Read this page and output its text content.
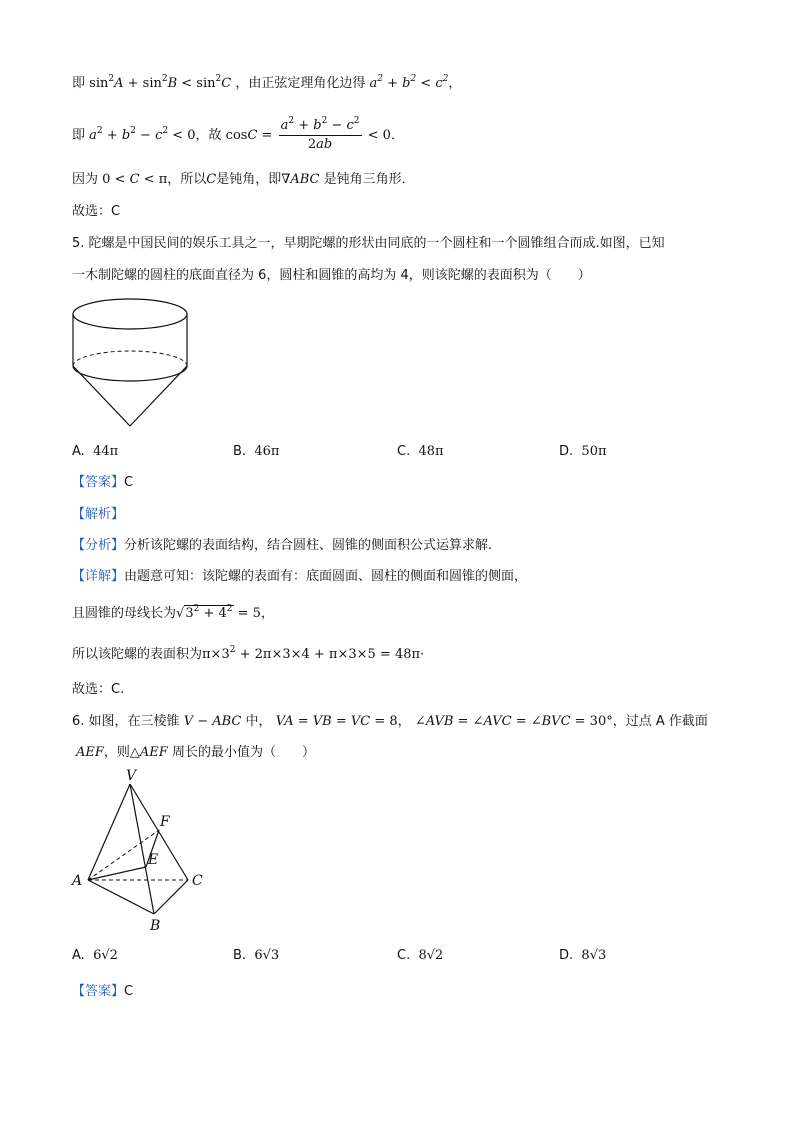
即 $\sin^2A + \sin^2B < \sin^2C$ ，由正弦定理角化边得 $a^2 + b^2 < c^2$，
即 $a^2 + b^2 - c^2 < 0$，故 $\cos C = \frac{a^2 + b^2 - c^2}{2ab} < 0$．
因为 0 < C < π，所以C是钝角，即∇ABC 是钝角三角形．
故选：C
5. 陀螺是中国民间的娱乐工具之一，早期陀螺的形状由同底的一个圆柱和一个圆锥组合而成.如图，已知
一木制陀螺的圆柱的底面直径为 6，圆柱和圆锥的高均为 4，则该陀螺的表面积为（　　）
A. 44π	B. 46π	C. 48π	D. 50π
【答案】C
【解析】
【分析】分析该陀螺的表面结构，结合圆柱、圆锥的侧面积公式运算求解.
【详解】由题意可知：该陀螺的表面有：底面圆面、圆柱的侧面和圆锥的侧面，
且圆锥的母线长为$√3^2 + 4^2 = 5$，
所以该陀螺的表面积为$\pi\times 3^2 + 2\pi\times 3\times 4 + \pi\times 3\times 5 = 48\pi\cdot$
故选：C.
6. 如图，在三棱锥 V − ABC 中， VA = VB = VC = 8， ∠AVB = ∠AVC = ∠BVC = 30°，过点 A 作截面
AEF，则△AEF 周长的最小值为（　　）
V
F
E
A	C
B
A. 6√2	B. 6√3	C. 8√2	D. 8√3
【答案】C
